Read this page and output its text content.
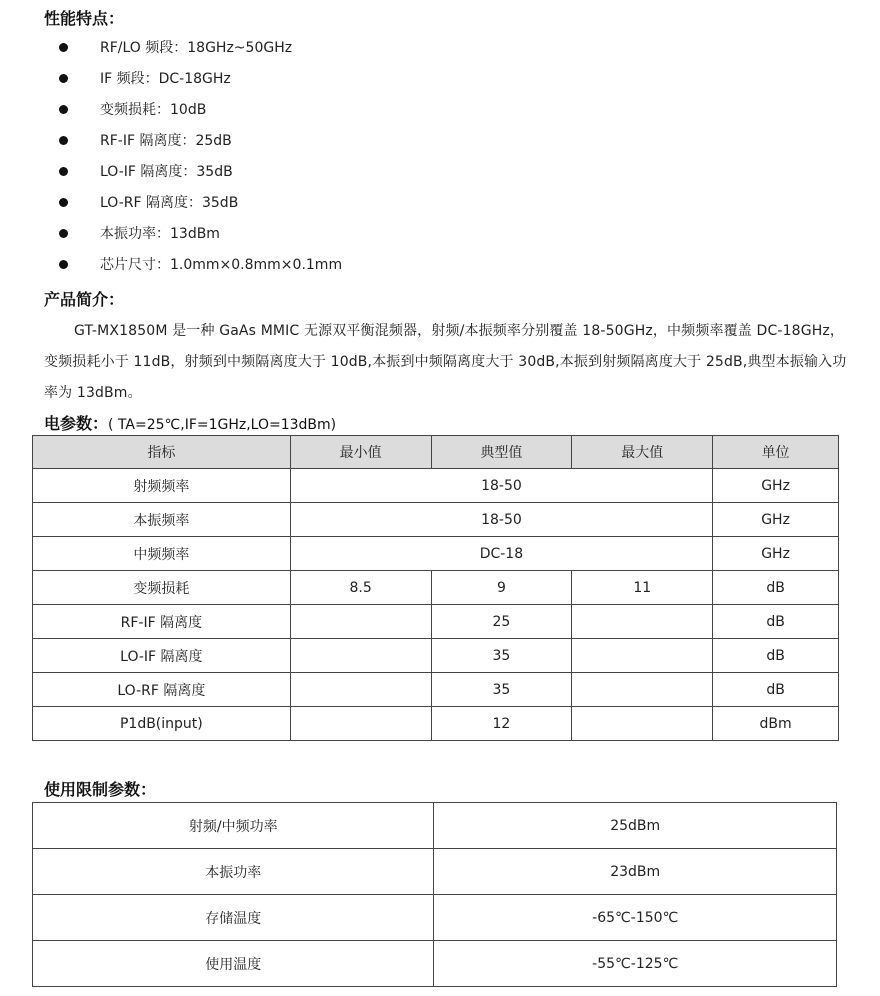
性能特点：
RF/LO 频段：18GHz~50GHz
IF 频段：DC-18GHz
变频损耗：10dB
RF-IF 隔离度：25dB
LO-IF 隔离度：35dB
LO-RF 隔离度：35dB
本振功率：13dBm
芯片尺寸：1.0mm×0.8mm×0.1mm
产品简介：
GT-MX1850M 是一种 GaAs MMIC 无源双平衡混频器，射频/本振频率分别覆盖 18-50GHz，中频频率覆盖 DC-18GHz，变频损耗小于 11dB，射频到中频隔离度大于 10dB,本振到中频隔离度大于 30dB,本振到射频隔离度大于 25dB,典型本振输入功率为 13dBm。
电参数：( TA=25℃,IF=1GHz,LO=13dBm)
指标	最小值	典型值	最大值	单位
射频频率	18-50			GHz
本振频率	18-50			GHz
中频频率	DC-18			GHz
变频损耗	8.5	9	11	dB
RF-IF 隔离度		25		dB
LO-IF 隔离度		35		dB
LO-RF 隔离度		35		dB
P1dB(input)		12		dBm
使用限制参数：
射频/中频功率	25dBm
本振功率	23dBm
存储温度	-65℃-150℃
使用温度	-55℃-125℃
